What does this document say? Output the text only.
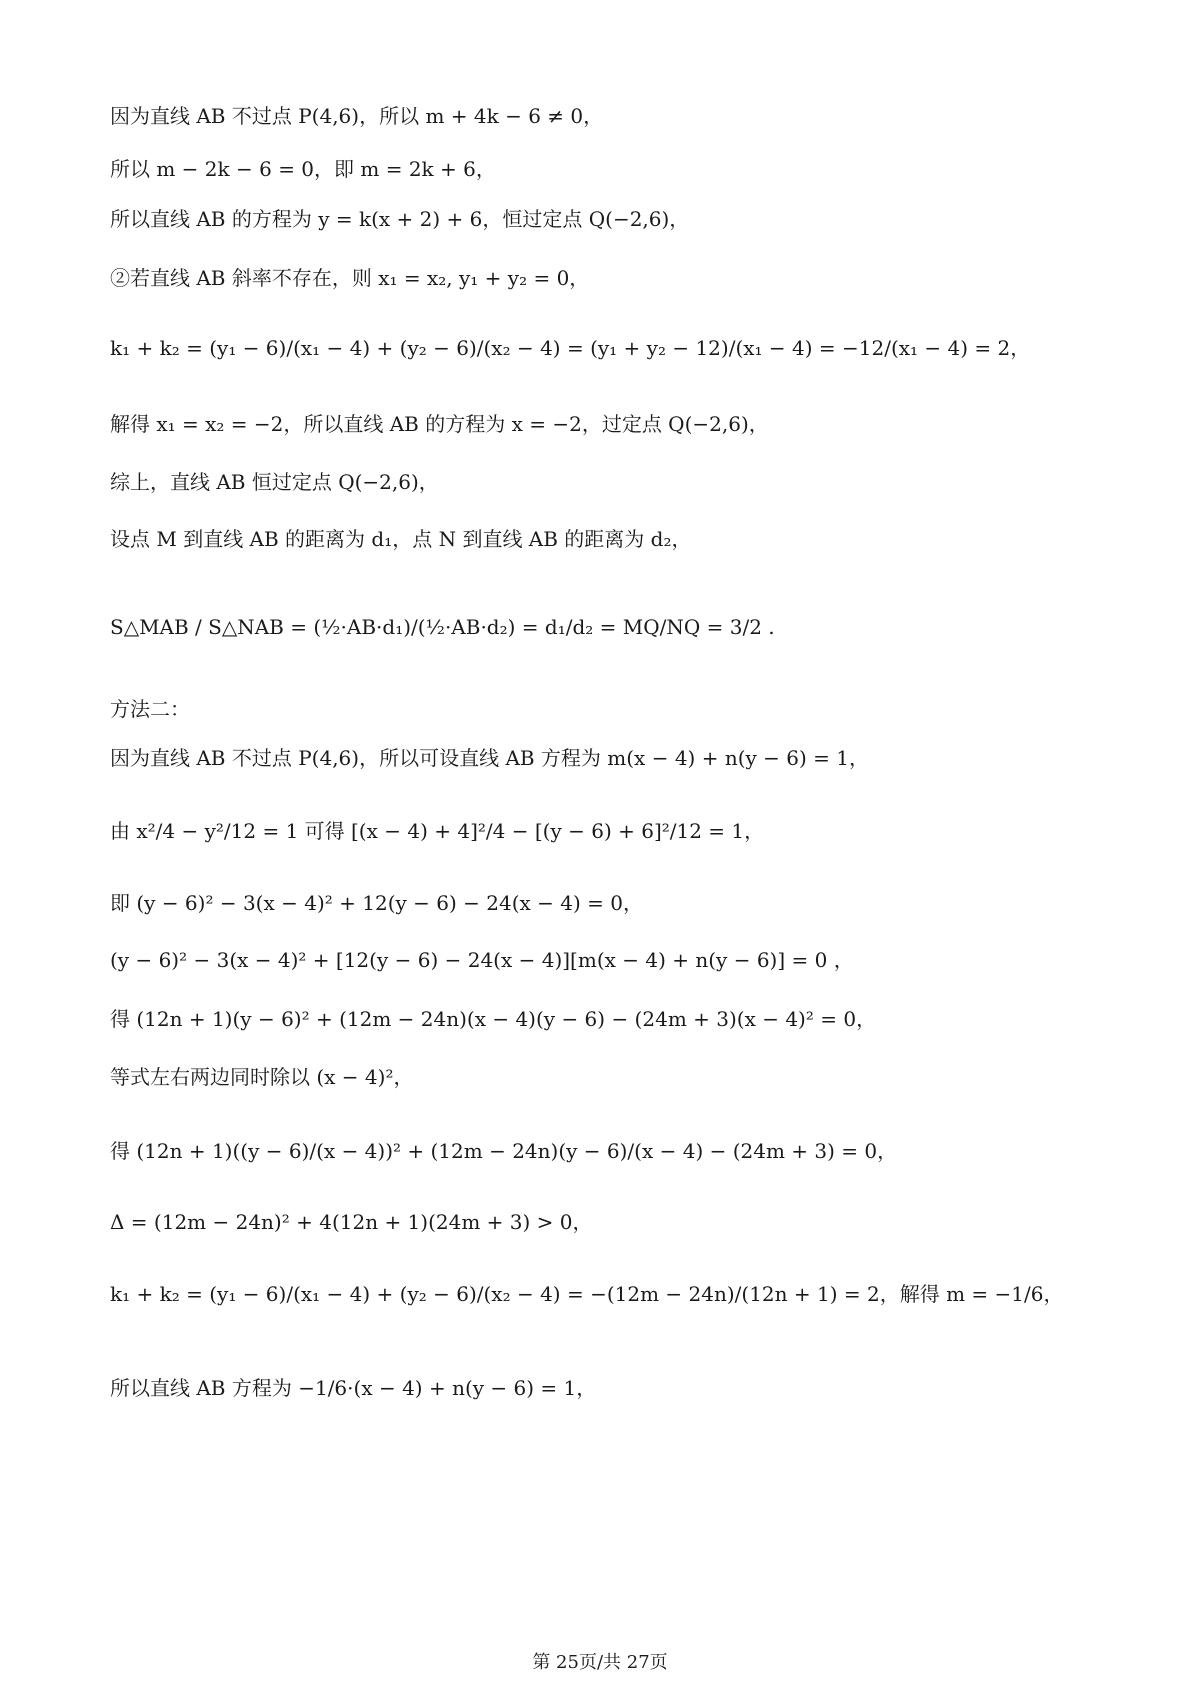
因为直线 AB 不过点 P(4,6)，所以 m + 4k − 6 ≠ 0，
所以 m − 2k − 6 = 0，即 m = 2k + 6，
所以直线 AB 的方程为 y = k(x + 2) + 6，恒过定点 Q(−2,6)，
②若直线 AB 斜率不存在，则 x₁ = x₂, y₁ + y₂ = 0，
k₁ + k₂ = (y₁ − 6)/(x₁ − 4) + (y₂ − 6)/(x₂ − 4) = (y₁ + y₂ − 12)/(x₁ − 4) = −12/(x₁ − 4) = 2，
解得 x₁ = x₂ = −2，所以直线 AB 的方程为 x = −2，过定点 Q(−2,6)，
综上，直线 AB 恒过定点 Q(−2,6)，
设点 M 到直线 AB 的距离为 d₁，点 N 到直线 AB 的距离为 d₂，
S△MAB / S△NAB = (½·AB·d₁)/(½·AB·d₂) = d₁/d₂ = MQ/NQ = 3/2 .
方法二：
因为直线 AB 不过点 P(4,6)，所以可设直线 AB 方程为 m(x − 4) + n(y − 6) = 1，
由 x²/4 − y²/12 = 1 可得 [(x − 4) + 4]²/4 − [(y − 6) + 6]²/12 = 1，
即 (y − 6)² − 3(x − 4)² + 12(y − 6) − 24(x − 4) = 0，
(y − 6)² − 3(x − 4)² + [12(y − 6) − 24(x − 4)][m(x − 4) + n(y − 6)] = 0 ，
得 (12n + 1)(y − 6)² + (12m − 24n)(x − 4)(y − 6) − (24m + 3)(x − 4)² = 0，
等式左右两边同时除以 (x − 4)²，
得 (12n + 1)((y − 6)/(x − 4))² + (12m − 24n)(y − 6)/(x − 4) − (24m + 3) = 0，
Δ = (12m − 24n)² + 4(12n + 1)(24m + 3) > 0，
k₁ + k₂ = (y₁ − 6)/(x₁ − 4) + (y₂ − 6)/(x₂ − 4) = −(12m − 24n)/(12n + 1) = 2，解得 m = −1/6，
所以直线 AB 方程为 −1/6·(x − 4) + n(y − 6) = 1，
第 25页/共 27页
